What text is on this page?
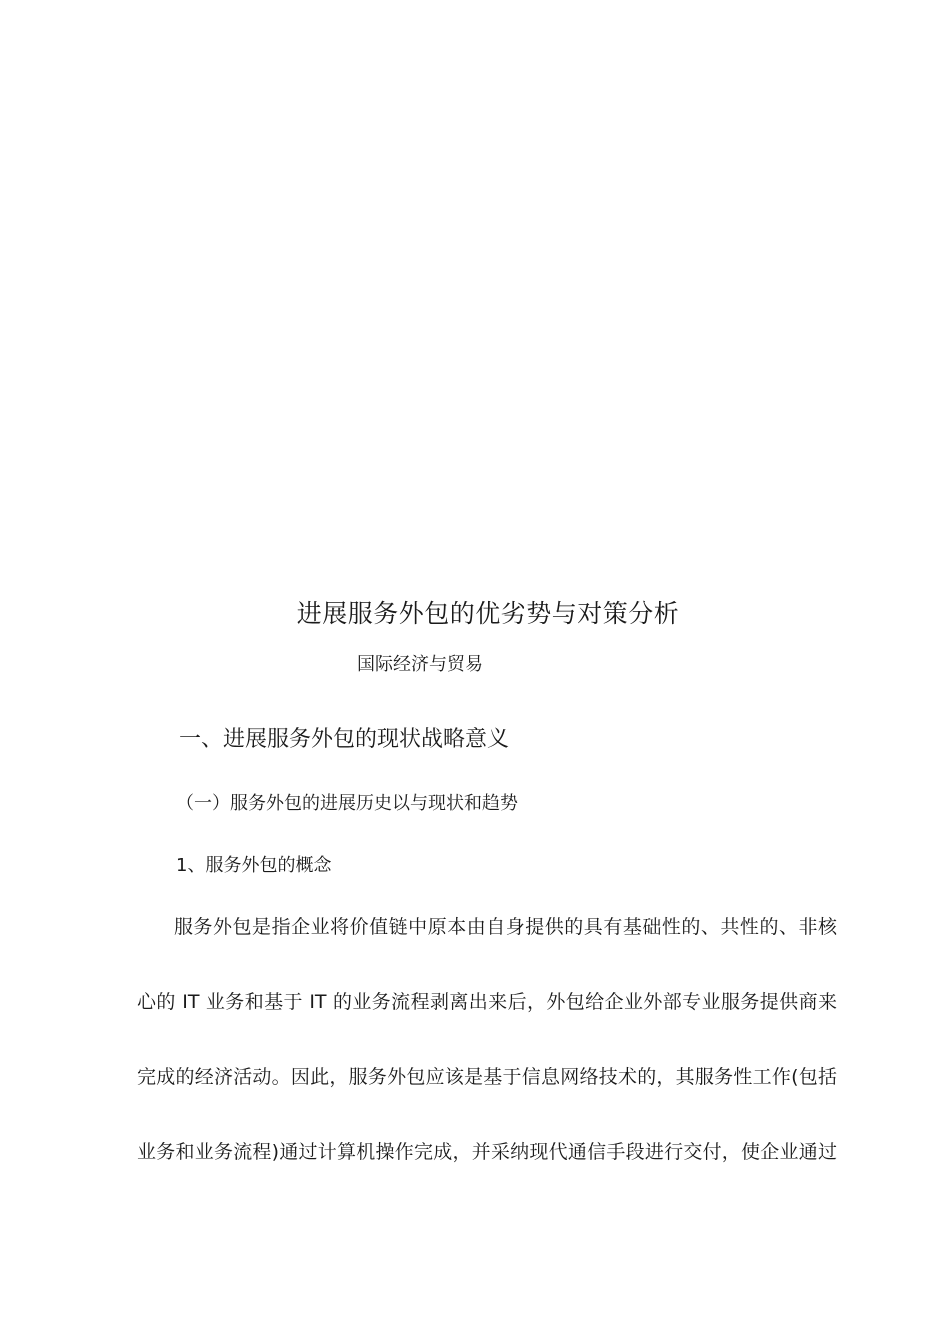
进展服务外包的优劣势与对策分析
国际经济与贸易
一、进展服务外包的现状战略意义
（一）服务外包的进展历史以与现状和趋势
1、服务外包的概念
服务外包是指企业将价值链中原本由自身提供的具有基础性的、共性的、非核
心的 IT 业务和基于 IT 的业务流程剥离出来后，外包给企业外部专业服务提供商来
完成的经济活动。因此，服务外包应该是基于信息网络技术的，其服务性工作(包括
业务和业务流程)通过计算机操作完成，并采纳现代通信手段进行交付，使企业通过
